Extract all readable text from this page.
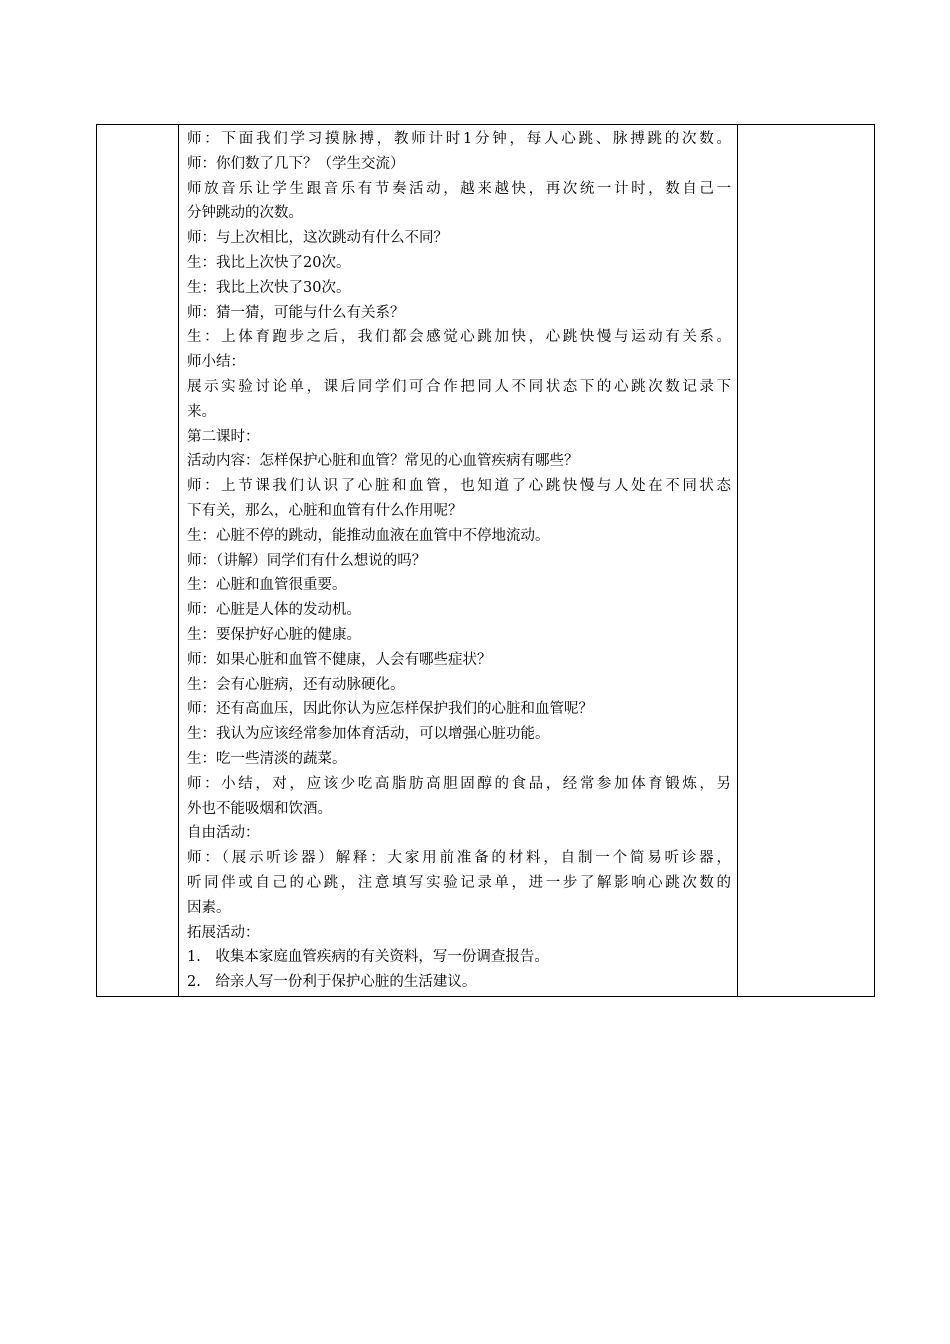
师：下面我们学习摸脉搏，教师计时1分钟，每人心跳、脉搏跳的次数。
师：你们数了几下？（学生交流）
师放音乐让学生跟音乐有节奏活动，越来越快，再次统一计时，数自己一
分钟跳动的次数。
师：与上次相比，这次跳动有什么不同？
生：我比上次快了20次。
生：我比上次快了30次。
师：猜一猜，可能与什么有关系？
生：上体育跑步之后，我们都会感觉心跳加快，心跳快慢与运动有关系。
师小结：
展示实验讨论单，课后同学们可合作把同人不同状态下的心跳次数记录下
来。
第二课时：
活动内容：怎样保护心脏和血管？常见的心血管疾病有哪些？
师：上节课我们认识了心脏和血管，也知道了心跳快慢与人处在不同状态
下有关，那么，心脏和血管有什么作用呢？
生：心脏不停的跳动，能推动血液在血管中不停地流动。
师：（讲解）同学们有什么想说的吗？
生：心脏和血管很重要。
师：心脏是人体的发动机。
生：要保护好心脏的健康。
师：如果心脏和血管不健康，人会有哪些症状？
生：会有心脏病，还有动脉硬化。
师：还有高血压，因此你认为应怎样保护我们的心脏和血管呢？
生：我认为应该经常参加体育活动，可以增强心脏功能。
生：吃一些清淡的蔬菜。
师：小结，对，应该少吃高脂肪高胆固醇的食品，经常参加体育锻炼，另
外也不能吸烟和饮酒。
自由活动：
师：（展示听诊器）解释：大家用前准备的材料，自制一个简易听诊器，
听同伴或自己的心跳，注意填写实验记录单，进一步了解影响心跳次数的
因素。
拓展活动：
1.　收集本家庭血管疾病的有关资料，写一份调查报告。
2.　给亲人写一份利于保护心脏的生活建议。
